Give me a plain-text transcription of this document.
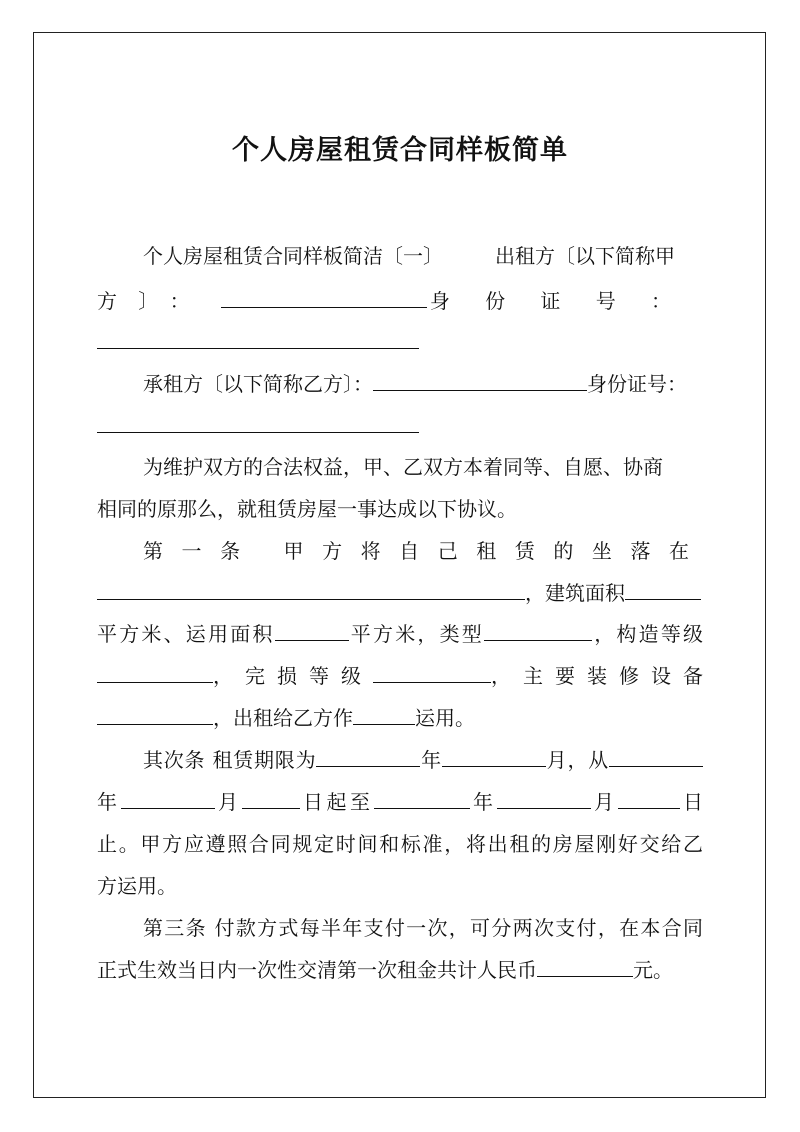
个人房屋租赁合同样板简单
个人房屋租赁合同样板简洁〔一〕	出租方〔以下简称甲
方〕：	身份证号：
承租方〔以下简称乙方〕：	身份证号：
为维护双方的合法权益，甲、乙双方本着同等、自愿、协商
相同的原那么，就租赁房屋一事达成以下协议。
第一条 甲方将自己租赁的坐落在
，建筑面积
平方米、运用面积	平方米，类型	，构造等级
，完损等级	，主要装修设备
，出租给乙方作	运用。
其次条 租赁期限为	年	月，从
年	月	日起至	年	月	日
止。甲方应遵照合同规定时间和标准，将出租的房屋刚好交给乙
方运用。
第三条 付款方式每半年支付一次，可分两次支付，在本合同
正式生效当日内一次性交清第一次租金共计人民币	元。
